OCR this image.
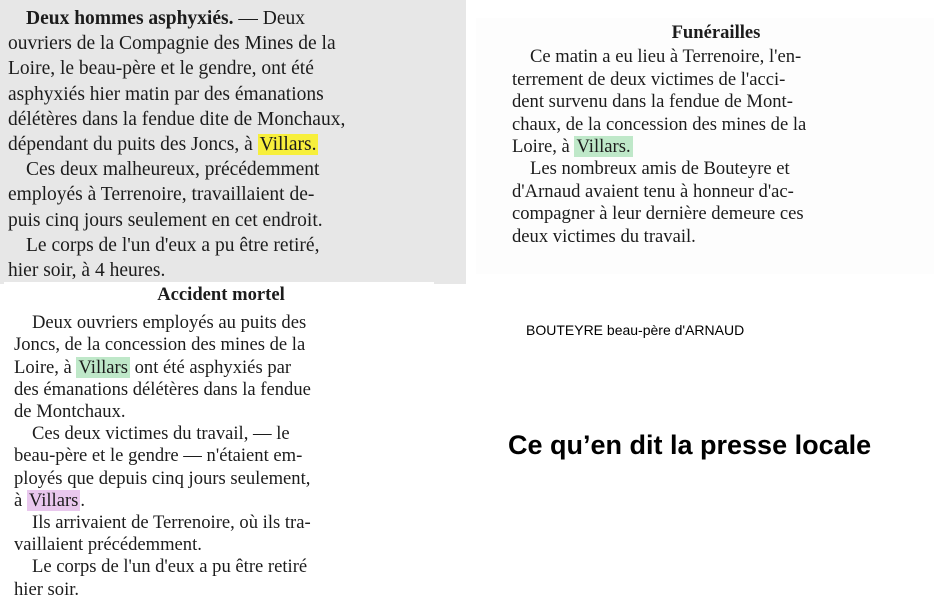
Deux hommes asphyxiés. — Deux

ouvriers de la Compagnie des Mines de la

Loire, le beau-père et le gendre, ont été

asphyxiés hier matin par des émanations

délétères dans la fendue dite de Monchaux,

dépendant du puits des Joncs, à Villars.

Ces deux malheureux, précédemment

employés à Terrenoire, travaillaient de-

puis cinq jours seulement en cet endroit.

Le corps de l'un d'eux a pu être retiré,

hier soir, à 4 heures.

Funérailles

Ce matin a eu lieu à Terrenoire, l'en-

terrement de deux victimes de l'acci-

dent survenu dans la fendue de Mont-

chaux, de la concession des mines de la

Loire, à Villars.

Les nombreux amis de Bouteyre et

d'Arnaud avaient tenu à honneur d'ac-

compagner à leur dernière demeure ces

deux victimes du travail.

Accident mortel

Deux ouvriers employés au puits des

Joncs, de la concession des mines de la

Loire, à Villars ont été asphyxiés par

des émanations délétères dans la fendue

de Montchaux.

Ces deux victimes du travail, — le

beau-père et le gendre — n'étaient em-

ployés que depuis cinq jours seulement,

à Villars .

Ils arrivaient de Terrenoire, où ils tra-

vaillaient précédemment.

Le corps de l'un d'eux a pu être retiré

hier soir.

BOUTEYRE beau-père d'ARNAUD
Ce qu’en dit la presse locale
